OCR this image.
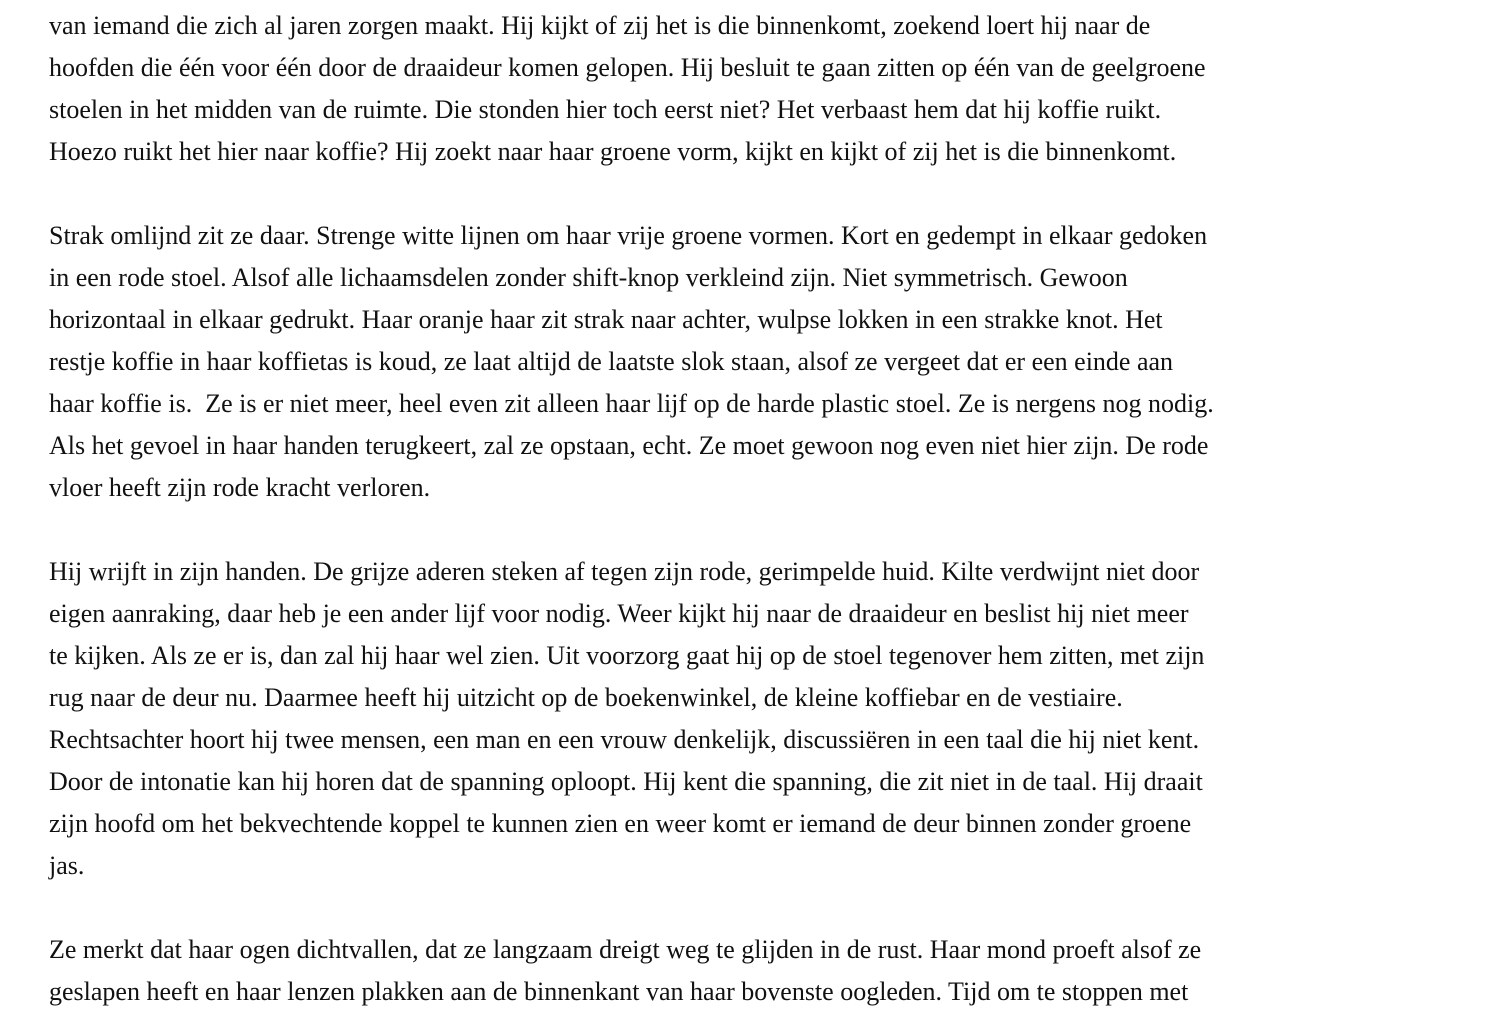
van iemand die zich al jaren zorgen maakt. Hij kijkt of zij het is die binnenkomt, zoekend loert hij naar de
hoofden die één voor één door de draaideur komen gelopen. Hij besluit te gaan zitten op één van de geelgroene
stoelen in het midden van de ruimte. Die stonden hier toch eerst niet? Het verbaast hem dat hij koffie ruikt.
Hoezo ruikt het hier naar koffie? Hij zoekt naar haar groene vorm, kijkt en kijkt of zij het is die binnenkomt.

Strak omlijnd zit ze daar. Strenge witte lijnen om haar vrije groene vormen. Kort en gedempt in elkaar gedoken
in een rode stoel. Alsof alle lichaamsdelen zonder shift-knop verkleind zijn. Niet symmetrisch. Gewoon
horizontaal in elkaar gedrukt. Haar oranje haar zit strak naar achter, wulpse lokken in een strakke knot. Het
restje koffie in haar koffietas is koud, ze laat altijd de laatste slok staan, alsof ze vergeet dat er een einde aan
haar koffie is.  Ze is er niet meer, heel even zit alleen haar lijf op de harde plastic stoel. Ze is nergens nog nodig.
Als het gevoel in haar handen terugkeert, zal ze opstaan, echt. Ze moet gewoon nog even niet hier zijn. De rode
vloer heeft zijn rode kracht verloren.

Hij wrijft in zijn handen. De grijze aderen steken af tegen zijn rode, gerimpelde huid. Kilte verdwijnt niet door
eigen aanraking, daar heb je een ander lijf voor nodig. Weer kijkt hij naar de draaideur en beslist hij niet meer
te kijken. Als ze er is, dan zal hij haar wel zien. Uit voorzorg gaat hij op de stoel tegenover hem zitten, met zijn
rug naar de deur nu. Daarmee heeft hij uitzicht op de boekenwinkel, de kleine koffiebar en de vestiaire.
Rechtsachter hoort hij twee mensen, een man en een vrouw denkelijk, discussiëren in een taal die hij niet kent.
Door de intonatie kan hij horen dat de spanning oploopt. Hij kent die spanning, die zit niet in de taal. Hij draait
zijn hoofd om het bekvechtende koppel te kunnen zien en weer komt er iemand de deur binnen zonder groene
jas.

Ze merkt dat haar ogen dichtvallen, dat ze langzaam dreigt weg te glijden in de rust. Haar mond proeft alsof ze
geslapen heeft en haar lenzen plakken aan de binnenkant van haar bovenste oogleden. Tijd om te stoppen met
